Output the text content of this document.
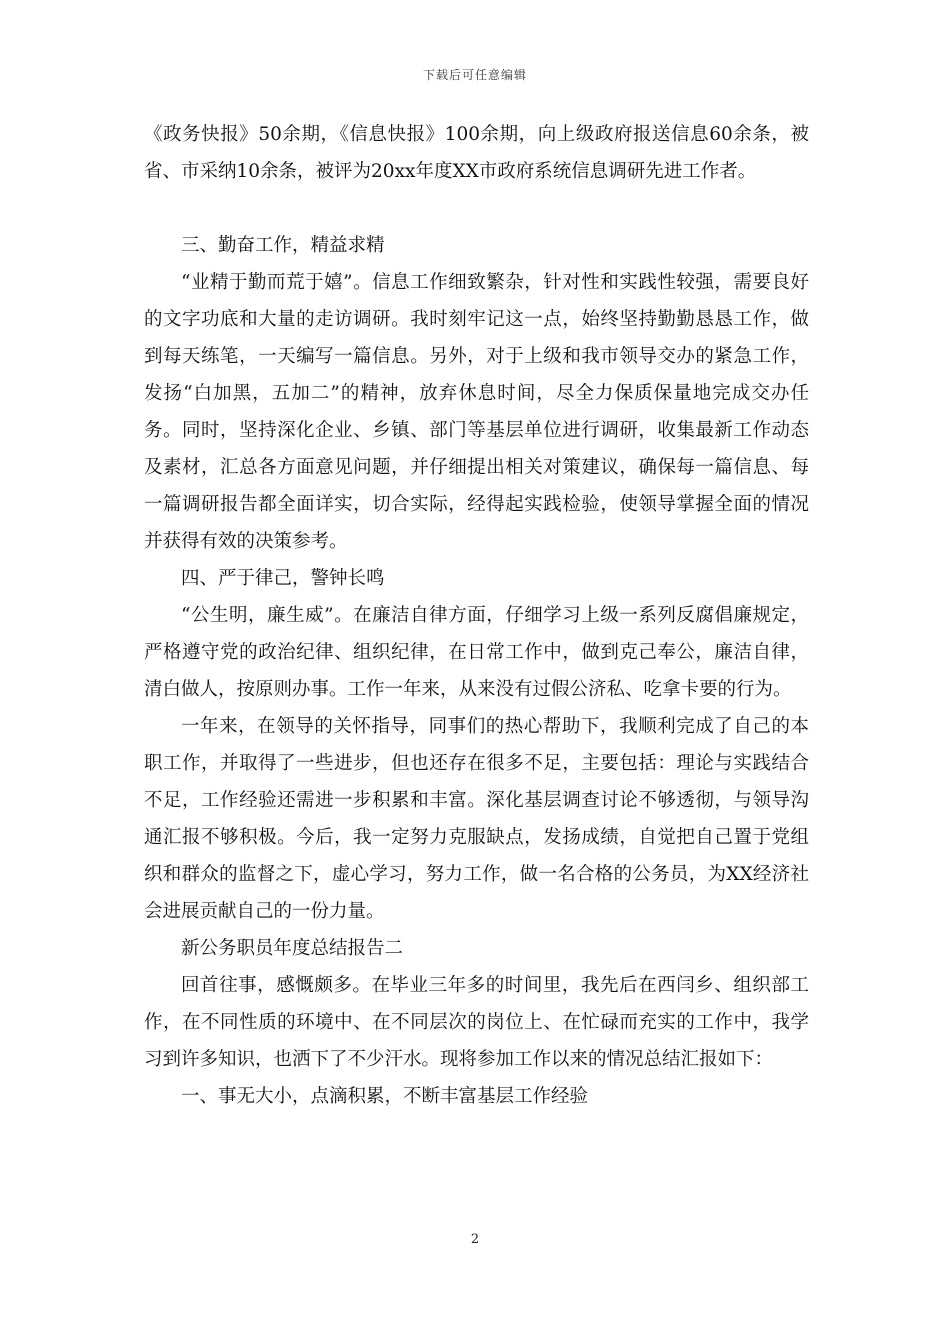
下载后可任意编辑

《政务快报》50余期，《信息快报》100余期，向上级政府报送信息60余条，被省、市采纳10余条，被评为20xx年度XX市政府系统信息调研先进工作者。

三、勤奋工作，精益求精

“业精于勤而荒于嬉”。信息工作细致繁杂，针对性和实践性较强，需要良好的文字功底和大量的走访调研。我时刻牢记这一点，始终坚持勤勤恳恳工作，做到每天练笔，一天编写一篇信息。另外，对于上级和我市领导交办的紧急工作，发扬“白加黑，五加二”的精神，放弃休息时间，尽全力保质保量地完成交办任务。同时，坚持深化企业、乡镇、部门等基层单位进行调研，收集最新工作动态及素材，汇总各方面意见问题，并仔细提出相关对策建议，确保每一篇信息、每一篇调研报告都全面详实，切合实际，经得起实践检验，使领导掌握全面的情况并获得有效的决策参考。

四、严于律己，警钟长鸣

“公生明，廉生威”。在廉洁自律方面，仔细学习上级一系列反腐倡廉规定，严格遵守党的政治纪律、组织纪律，在日常工作中，做到克己奉公，廉洁自律，清白做人，按原则办事。工作一年来，从来没有过假公济私、吃拿卡要的行为。

一年来，在领导的关怀指导，同事们的热心帮助下，我顺利完成了自己的本职工作，并取得了一些进步，但也还存在很多不足，主要包括：理论与实践结合不足，工作经验还需进一步积累和丰富。深化基层调查讨论不够透彻，与领导沟通汇报不够积极。今后，我一定努力克服缺点，发扬成绩，自觉把自己置于党组织和群众的监督之下，虚心学习，努力工作，做一名合格的公务员，为XX经济社会进展贡献自己的一份力量。

新公务职员年度总结报告二

回首往事，感慨颇多。在毕业三年多的时间里，我先后在西闫乡、组织部工作，在不同性质的环境中、在不同层次的岗位上、在忙碌而充实的工作中，我学习到许多知识，也洒下了不少汗水。现将参加工作以来的情况总结汇报如下：

一、事无大小，点滴积累，不断丰富基层工作经验

2
